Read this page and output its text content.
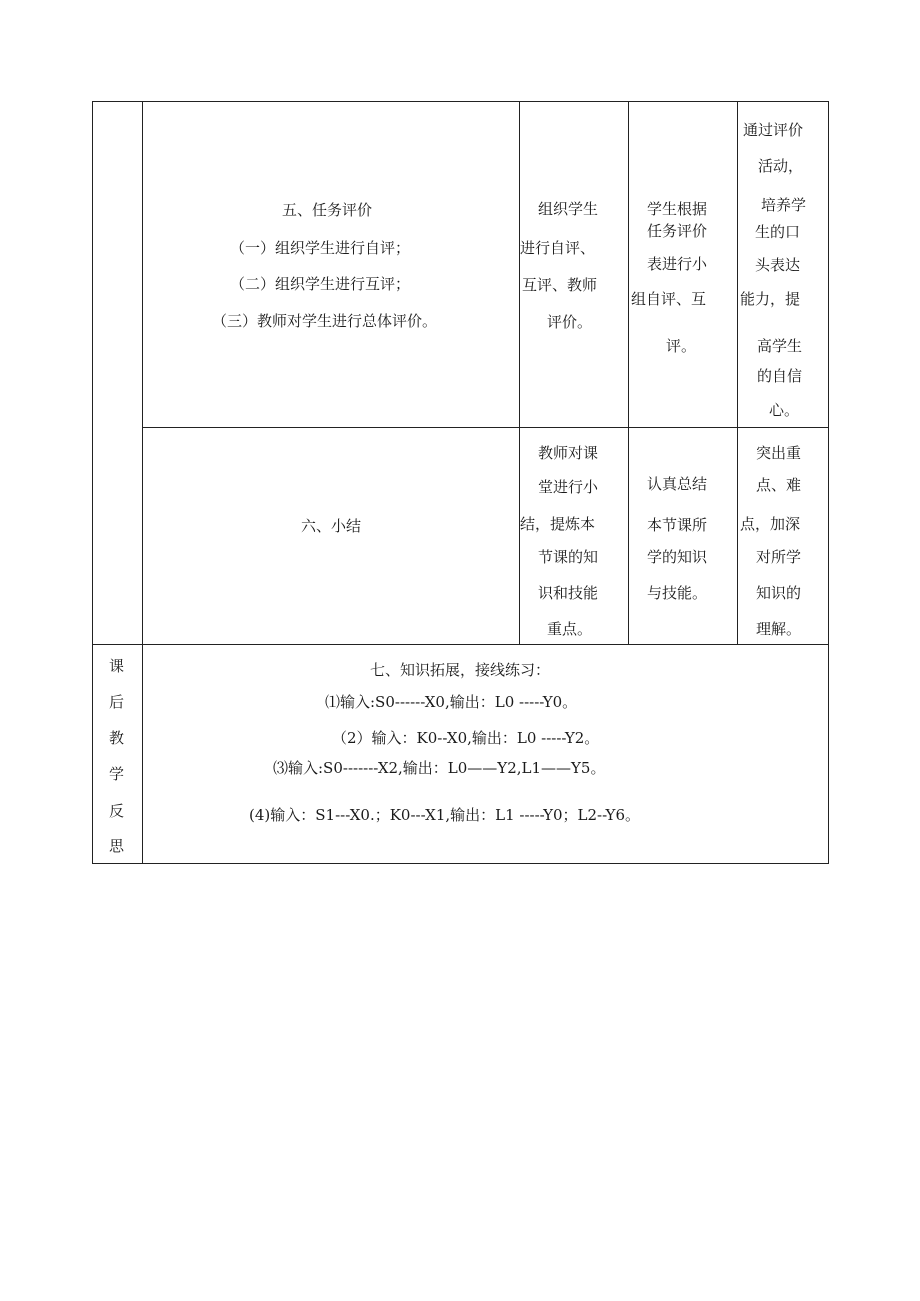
五、任务评价
（一）组织学生进行自评；
（二）组织学生进行互评；
（三）教师对学生进行总体评价。
组织学生
进行自评、
互评、教师
评价。
学生根据
任务评价
表进行小
组自评、互
评。
通过评价
活动，
培养学
生的口
头表达
能力，提
高学生
的自信
心。
六、小结
教师对课
堂进行小
结，提炼本
节课的知
识和技能
重点。
认真总结
本节课所
学的知识
与技能。
突出重
点、难
点，加深
对所学
知识的
理解。
课
后
教
学
反
思
七、知识拓展，接线练习：
⑴输入:S0------X0,输出：L0 -----Y0。
（2）输入：K0--X0,输出：L0 -----Y2。
⑶输入:S0-------X2,输出：L0——Y2,L1——Y5。
(4)输入：S1---X0.；K0---X1,输出：L1 -----Y0；L2--Y6。
